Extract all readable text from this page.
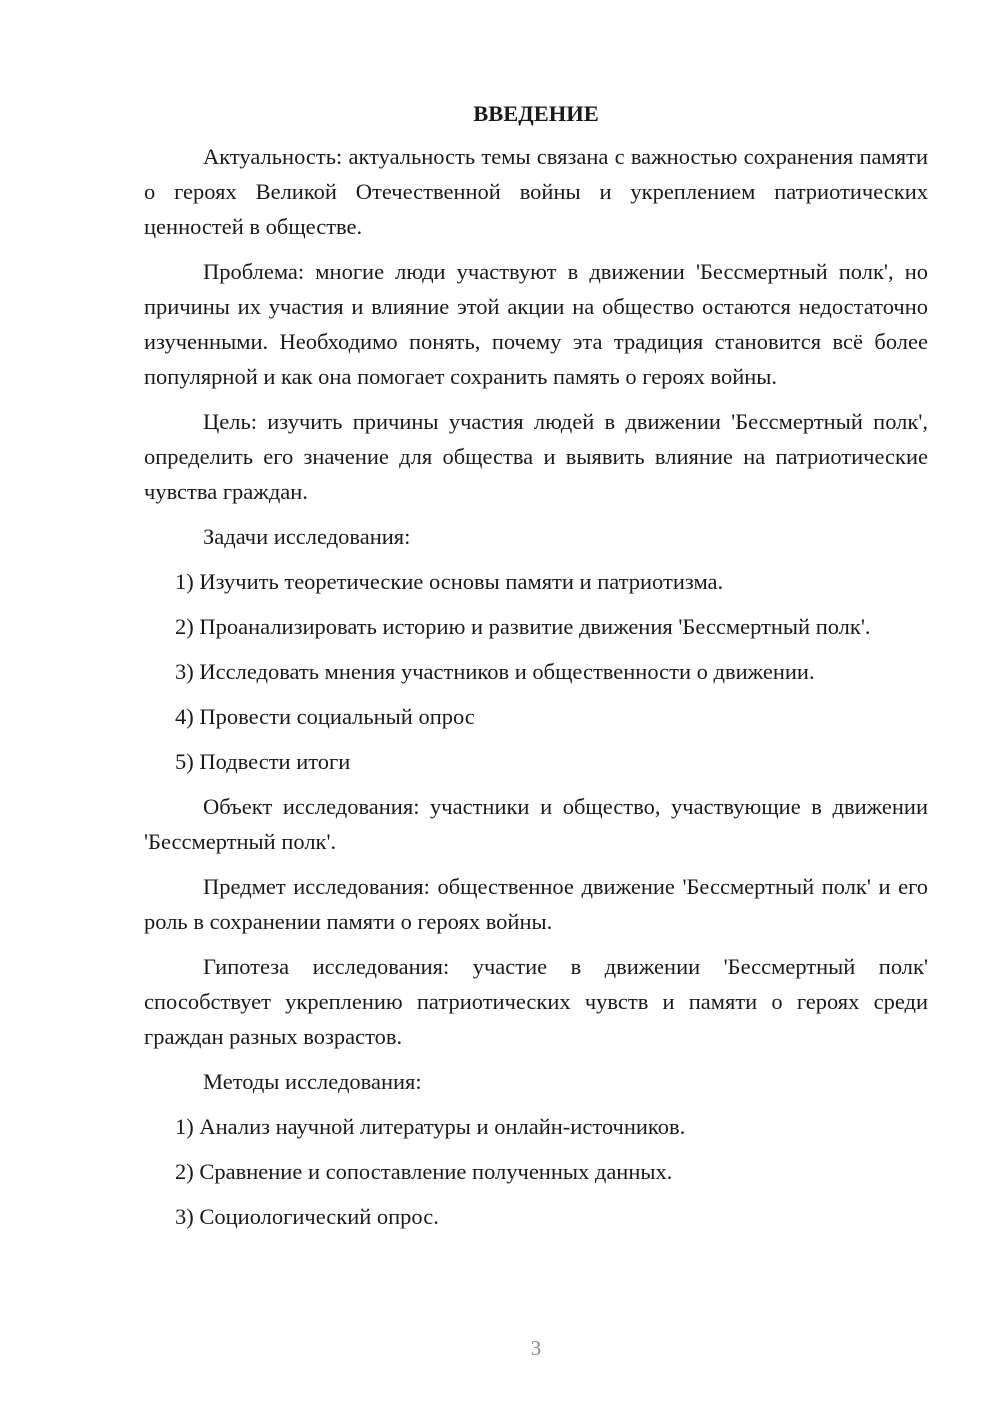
ВВЕДЕНИЕ

Актуальность: актуальность темы связана с важностью сохранения памяти о героях Великой Отечественной войны и укреплением патриотических ценностей в обществе.

Проблема: многие люди участвуют в движении 'Бессмертный полк', но причины их участия и влияние этой акции на общество остаются недостаточно изученными. Необходимо понять, почему эта традиция становится всё более популярной и как она помогает сохранить память о героях войны.

Цель: изучить причины участия людей в движении 'Бессмертный полк', определить его значение для общества и выявить влияние на патриотические чувства граждан.

Задачи исследования:

1) Изучить теоретические основы памяти и патриотизма.

2) Проанализировать историю и развитие движения 'Бессмертный полк'.

3) Исследовать мнения участников и общественности о движении.

4) Провести социальный опрос

5) Подвести итоги

Объект исследования: участники и общество, участвующие в движении 'Бессмертный полк'.

Предмет исследования: общественное движение 'Бессмертный полк' и его роль в сохранении памяти о героях войны.

Гипотеза исследования: участие в движении 'Бессмертный полк' способствует укреплению патриотических чувств и памяти о героях среди граждан разных возрастов.

Методы исследования:

1) Анализ научной литературы и онлайн-источников.

2) Сравнение и сопоставление полученных данных.

3) Социологический опрос.

3
